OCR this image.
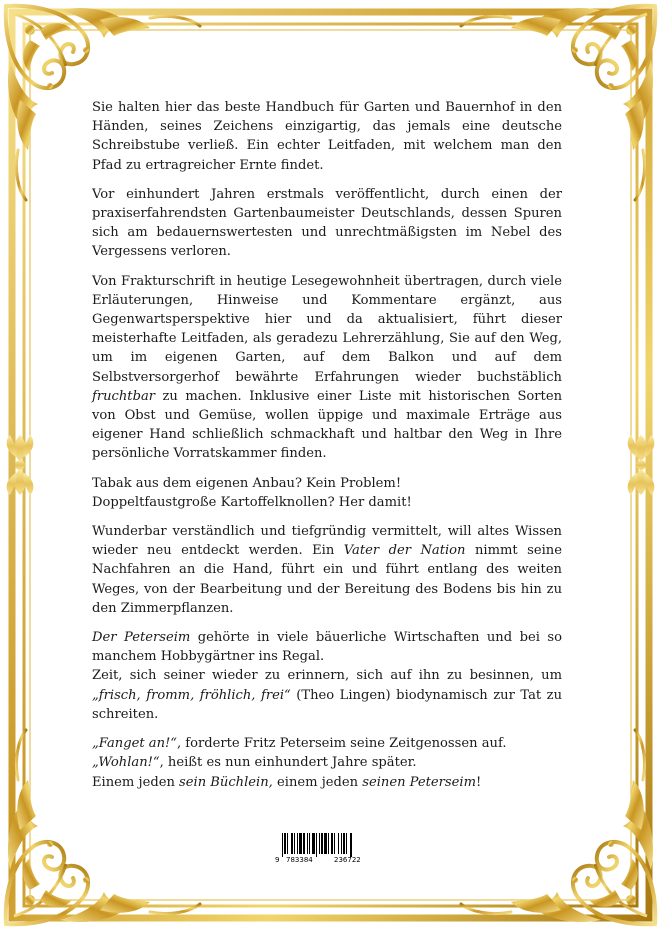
Sie halten hier das beste Handbuch für Garten und Bauernhof in den Händen, seines Zeichens einzigartig, das jemals eine deutsche Schreibstube verließ. Ein echter Leitfaden, mit welchem man den Pfad zu ertragreicher Ernte findet.

Vor einhundert Jahren erstmals veröffentlicht, durch einen der praxiserfahrendsten Gartenbaumeister Deutschlands, dessen Spuren sich am bedauernswertesten und unrechtmäßigsten im Nebel des Vergessens verloren.

Von Frakturschrift in heutige Lesegewohnheit übertragen, durch viele Erläuterungen, Hinweise und Kommentare ergänzt, aus Gegenwartsperspektive hier und da aktualisiert, führt dieser meisterhafte Leitfaden, als geradezu Lehrerzählung, Sie auf den Weg, um im eigenen Garten, auf dem Balkon und auf dem Selbstversorgerhof bewährte Erfahrungen wieder buchstäblich fruchtbar zu machen. Inklusive einer Liste mit historischen Sorten von Obst und Gemüse, wollen üppige und maximale Erträge aus eigener Hand schließlich schmackhaft und haltbar den Weg in Ihre persönliche Vorratskammer finden.

Tabak aus dem eigenen Anbau? Kein Problem!
Doppeltfaustgroße Kartoffelknollen? Her damit!

Wunderbar verständlich und tiefgründig vermittelt, will altes Wissen wieder neu entdeckt werden. Ein Vater der Nation nimmt seine Nachfahren an die Hand, führt ein und führt entlang des weiten Weges, von der Bearbeitung und der Bereitung des Bodens bis hin zu den Zimmerpflanzen.

Der Peterseim gehörte in viele bäuerliche Wirtschaften und bei so manchem Hobbygärtner ins Regal.
Zeit, sich seiner wieder zu erinnern, sich auf ihn zu besinnen, um „frisch, fromm, fröhlich, frei“ (Theo Lingen) biodynamisch zur Tat zu schreiten.

„Fanget an!“, forderte Fritz Peterseim seine Zeitgenossen auf.
„Wohlan!“, heißt es nun einhundert Jahre später.
Einem jeden sein Büchlein, einem jeden seinen Peterseim!

9 783384	236722
